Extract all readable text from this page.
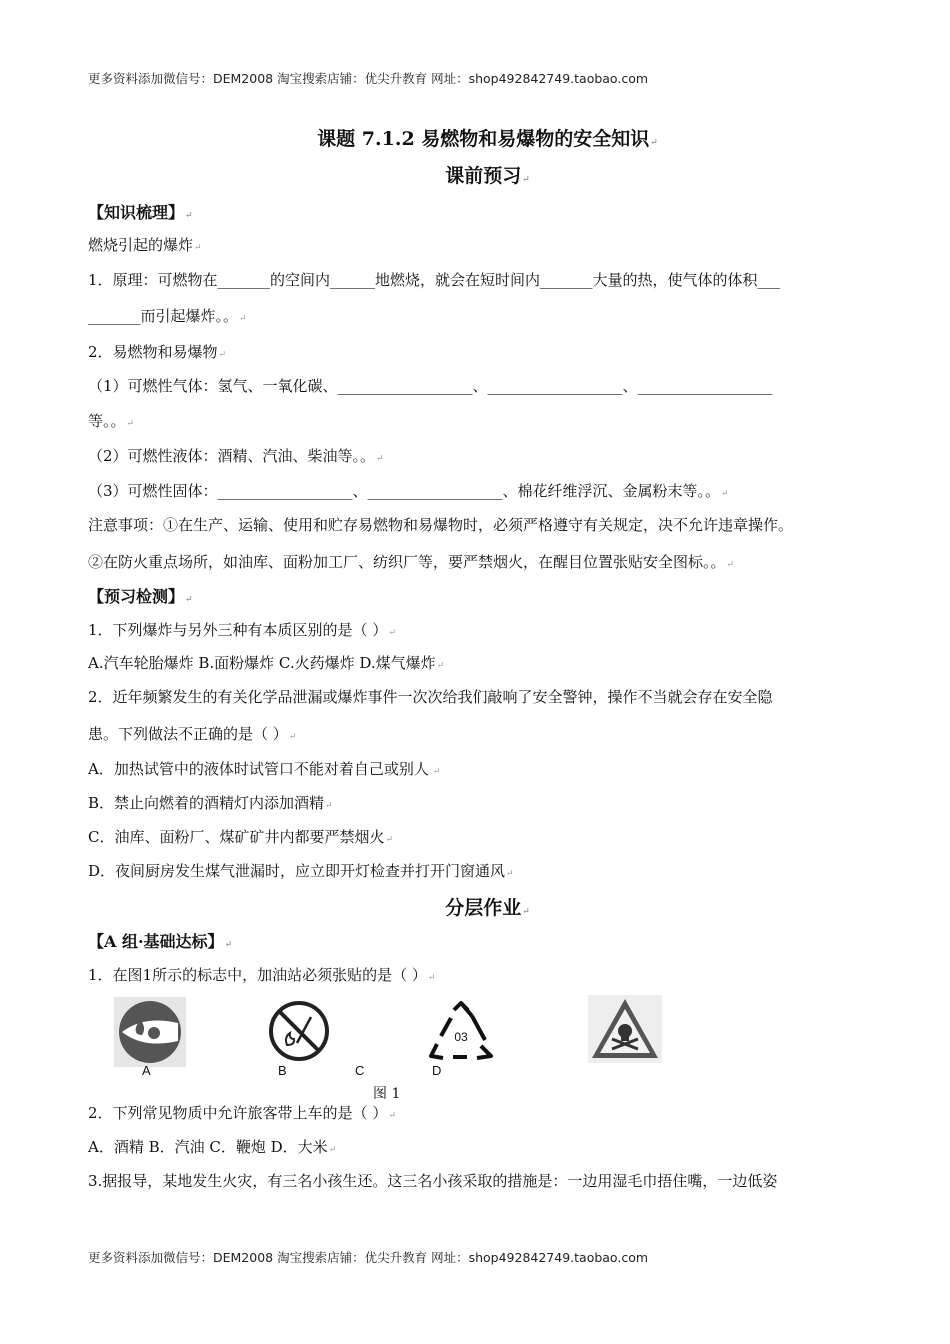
更多资料添加微信号：DEM2008 淘宝搜索店铺：优尖升教育 网址：shop492842749.taobao.com
课题 7.1.2 易燃物和易爆物的安全知识↵
课前预习↵
【知识梳理】↵
燃烧引起的爆炸↵
1．原理：可燃物在_______的空间内______地燃烧，就会在短时间内_______大量的热，使气体的体积___
_______而引起爆炸。。↵
2．易燃物和易爆物↵
（1）可燃性气体：氢气、一氧化碳、__________________、__________________、__________________
等。。↵
（2）可燃性液体：酒精、汽油、柴油等。。↵
（3）可燃性固体：__________________、__________________、棉花纤维浮沉、金属粉末等。。↵
注意事项：①在生产、运输、使用和贮存易燃物和易爆物时，必须严格遵守有关规定，决不允许违章操作。
②在防火重点场所，如油库、面粉加工厂、纺织厂等，要严禁烟火，在醒目位置张贴安全图标。。↵
【预习检测】↵
1．下列爆炸与另外三种有本质区别的是（ ）↵
A.汽车轮胎爆炸 B.面粉爆炸 C.火药爆炸 D.煤气爆炸↵
2．近年频繁发生的有关化学品泄漏或爆炸事件一次次给我们敲响了安全警钟，操作不当就会存在安全隐
患。下列做法不正确的是（ ）↵
A．加热试管中的液体时试管口不能对着自己或别人 ↵
B．禁止向燃着的酒精灯内添加酒精↵
C．油库、面粉厂、煤矿矿井内都要严禁烟火↵
D．夜间厨房发生煤气泄漏时，应立即开灯检查并打开门窗通风↵
分层作业↵
【A 组·基础达标】↵
1．在图1所示的标志中，加油站必须张贴的是（ ）↵
03
A	B	C	D
图 1
2．下列常见物质中允许旅客带上车的是（ ）↵
A．酒精 B．汽油 C．鞭炮 D．大米↵
3.据报导，某地发生火灾，有三名小孩生还。这三名小孩采取的措施是：一边用湿毛巾捂住嘴，一边低姿
更多资料添加微信号：DEM2008 淘宝搜索店铺：优尖升教育 网址：shop492842749.taobao.com
